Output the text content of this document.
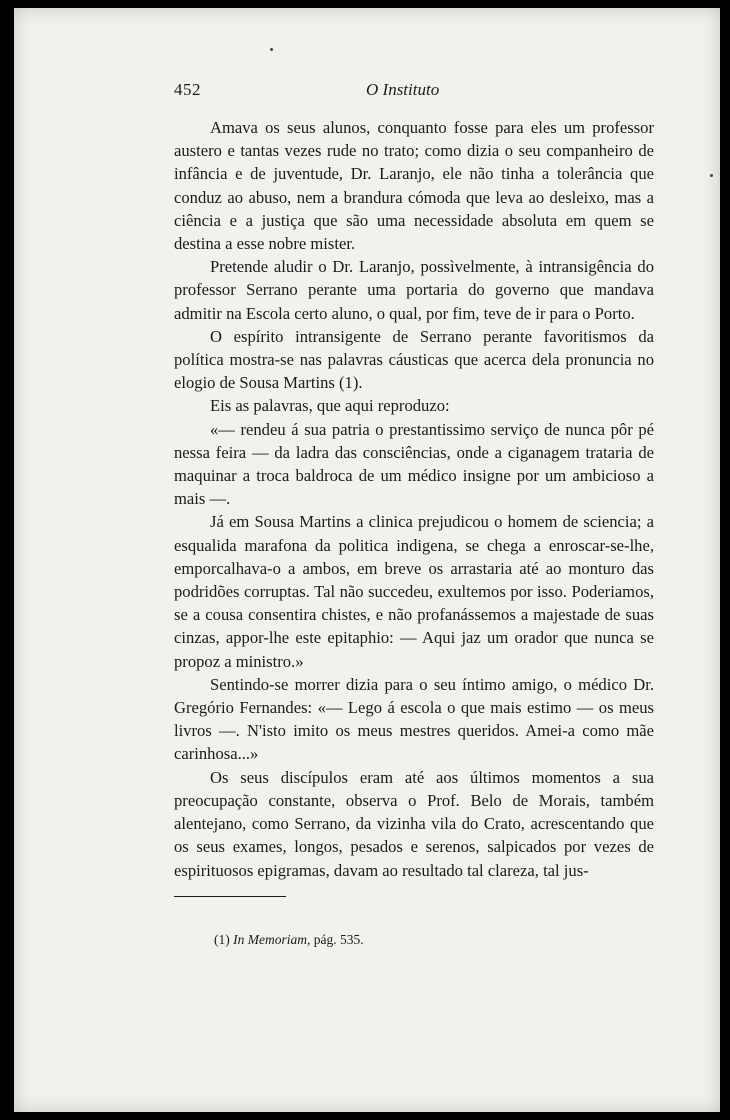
452	O Instituto

Amava os seus alunos, conquanto fosse para eles um professor austero e tantas vezes rude no trato; como dizia o seu companheiro de infância e de juventude, Dr. Laranjo, ele não tinha a tolerância que conduz ao abuso, nem a brandura cómoda que leva ao desleixo, mas a ciência e a justiça que são uma necessidade absoluta em quem se destina a esse nobre mister.

Pretende aludir o Dr. Laranjo, possìvelmente, à intransigência do professor Serrano perante uma portaria do governo que mandava admitir na Escola certo aluno, o qual, por fim, teve de ir para o Porto.

O espírito intransigente de Serrano perante favoritismos da política mostra-se nas palavras cáusticas que acerca dela pronuncia no elogio de Sousa Martins (1).

Eis as palavras, que aqui reproduzo:

«— rendeu á sua patria o prestantissimo serviço de nunca pôr pé nessa feira — da ladra das consciências, onde a ciganagem trataria de maquinar a troca baldroca de um médico insigne por um ambicioso a mais —.

Já em Sousa Martins a clinica prejudicou o homem de sciencia; a esqualida marafona da politica indigena, se chega a enroscar-se-lhe, emporcalhava-o a ambos, em breve os arrastaria até ao monturo das podridões corruptas. Tal não succedeu, exultemos por isso. Poderiamos, se a cousa consentira chistes, e não profanássemos a majestade de suas cinzas, appor-lhe este epitaphio: — Aqui jaz um orador que nunca se propoz a ministro.»

Sentindo-se morrer dizia para o seu íntimo amigo, o médico Dr. Gregório Fernandes: «— Lego á escola o que mais estimo — os meus livros —. N'isto imito os meus mestres queridos. Amei-a como mãe carinhosa...»

Os seus discípulos eram até aos últimos momentos a sua preocupação constante, observa o Prof. Belo de Morais, também alentejano, como Serrano, da vizinha vila do Crato, acrescentando que os seus exames, longos, pesados e serenos, salpicados por vezes de espirituosos epigramas, davam ao resultado tal clareza, tal jus-

(1) In Memoriam, pág. 535.
